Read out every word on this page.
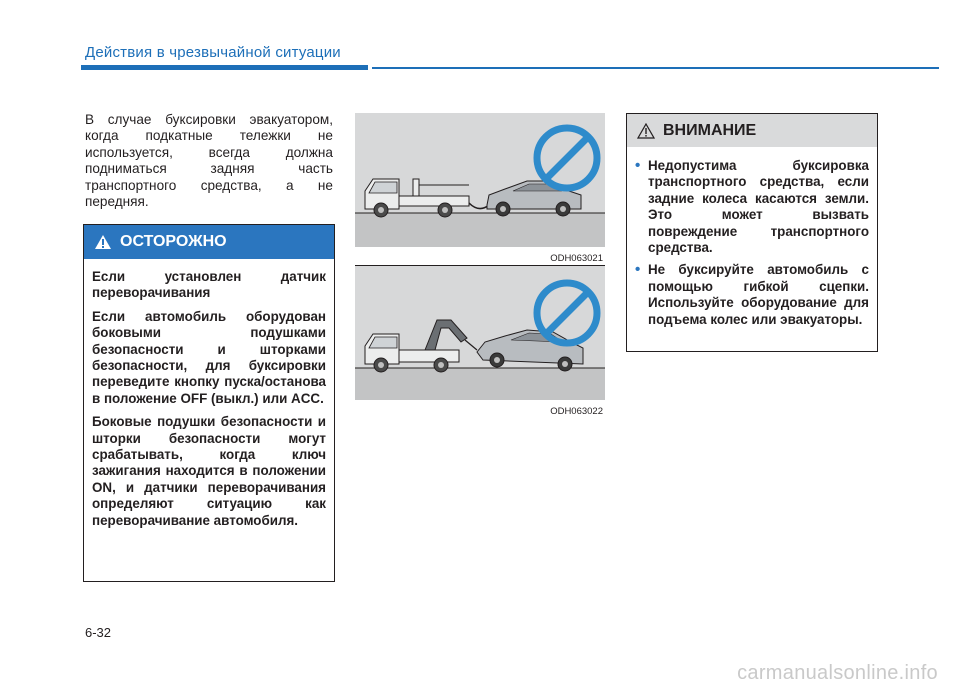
Действия в чрезвычайной ситуации
В случае буксировки эвакуатором, когда подкатные тележки не используется, всегда должна подниматься задняя часть транспортного средства, а не передняя.
ОСТОРОЖНО

Если установлен датчик переворачивания

Если автомобиль оборудован боковыми подушками безопасности и шторками безопасности, для буксировки переведите кнопку пуска/останова в положение OFF (выкл.) или ACC.

Боковые подушки безопасности и шторки безопасности могут срабатывать, когда ключ зажигания находится в положении ON, и датчики переворачивания определяют ситуацию как переворачивание автомобиля.

ODH063021
ODH063022
ВНИМАНИЕ
• Недопустима буксировка транспортного средства, если задние колеса касаются земли. Это может вызвать повреждение транспортного средства.
• Не буксируйте автомобиль с помощью гибкой сцепки. Используйте оборудование для подъема колес или эвакуаторы.
6-32
carmanualsonline.info
